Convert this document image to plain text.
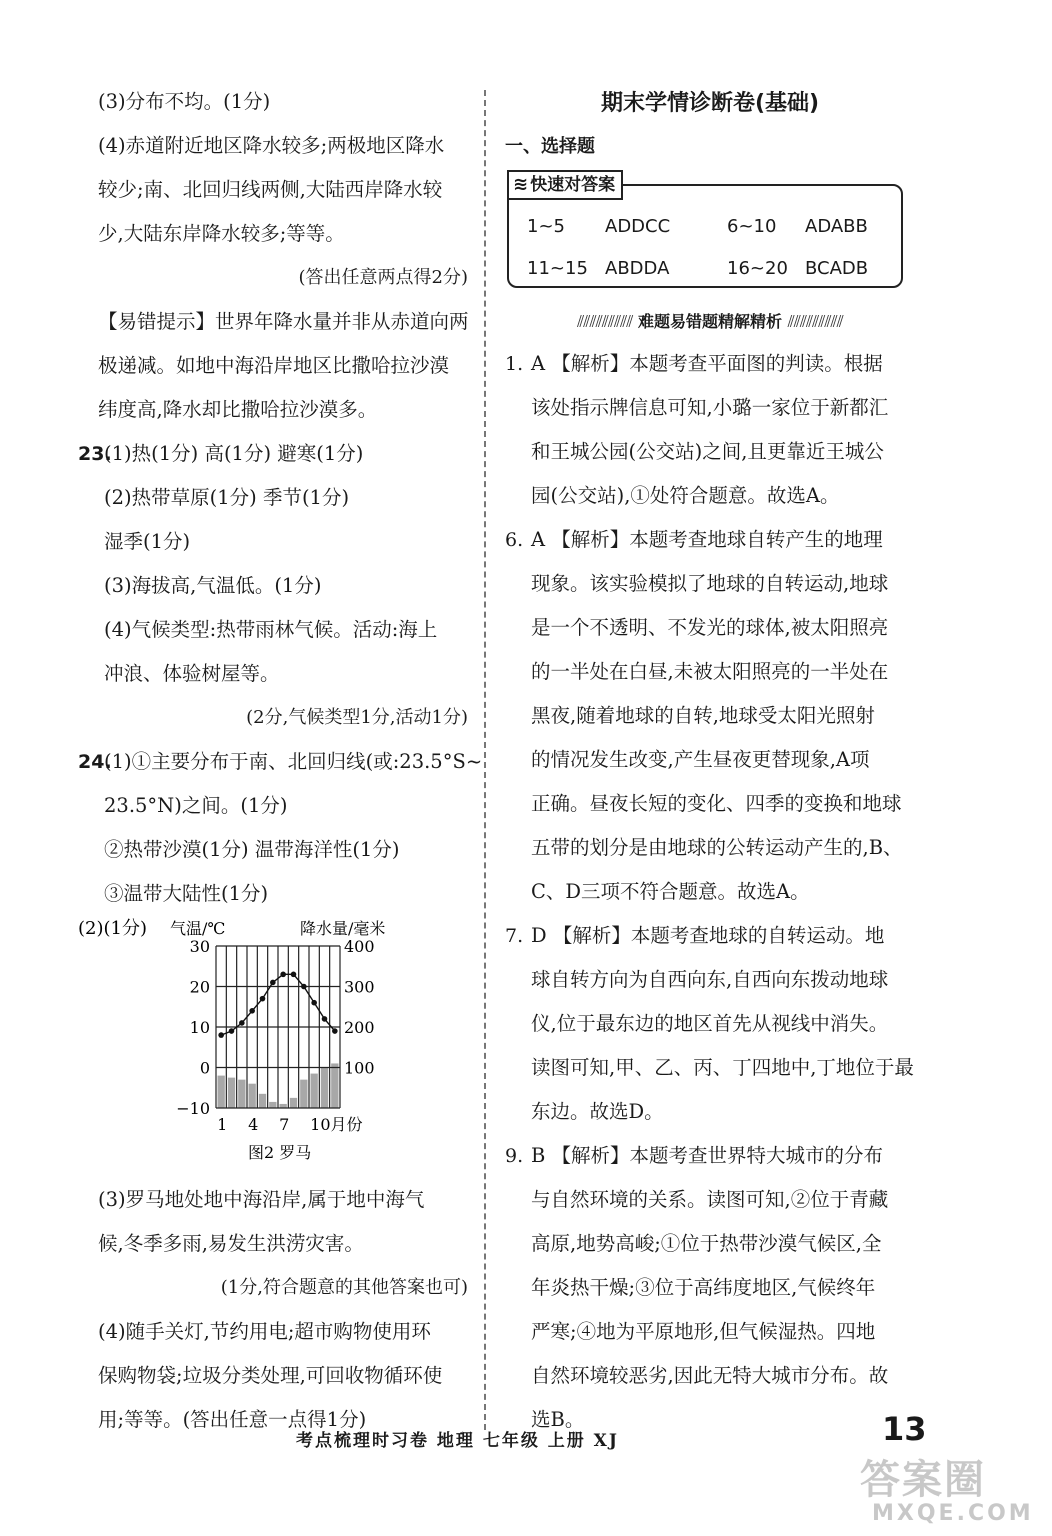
(3)分布不均。(1分)
(4)赤道附近地区降水较多;两极地区降水
较少;南、北回归线两侧,大陆西岸降水较
少,大陆东岸降水较多;等等。
(答出任意两点得2分)
【易错提示】世界年降水量并非从赤道向两
极递减。如地中海沿岸地区比撒哈拉沙漠
纬度高,降水却比撒哈拉沙漠多。
23.(1)热(1分) 高(1分) 避寒(1分)
(2)热带草原(1分) 季节(1分)
湿季(1分)
(3)海拔高,气温低。(1分)
(4)气候类型:热带雨林气候。活动:海上
冲浪、体验树屋等。
(2分,气候类型1分,活动1分)
24.(1)①主要分布于南、北回归线(或:23.5°S~
23.5°N)之间。(1分)
②热带沙漠(1分) 温带海洋性(1分)
③温带大陆性(1分)
(2)(1分) 气温/℃	降水量/毫米
30
20
10
0
−10
400
300
200
100
1 4 7 10月份
图2 罗马
(3)罗马地处地中海沿岸,属于地中海气
候,冬季多雨,易发生洪涝灾害。
(1分,符合题意的其他答案也可)
(4)随手关灯,节约用电;超市购物使用环
保购物袋;垃圾分类处理,可回收物循环使
用;等等。(答出任意一点得1分)
期末学情诊断卷(基础)
一、选择题
≋ 快速对答案
1~5 ADDCC	6~10 ADABB
11~15 ABDDA	16~20 BCADB
⫽⫽⫽⫽⫽⫽⫽⫽⫽ 难题易错题精解精析 ⫽⫽⫽⫽⫽⫽⫽⫽⫽
1. A 【解析】本题考查平面图的判读。根据
该处指示牌信息可知,小璐一家位于新都汇
和王城公园(公交站)之间,且更靠近王城公
园(公交站),①处符合题意。故选A。
6. A 【解析】本题考查地球自转产生的地理
现象。该实验模拟了地球的自转运动,地球
是一个不透明、不发光的球体,被太阳照亮
的一半处在白昼,未被太阳照亮的一半处在
黑夜,随着地球的自转,地球受太阳光照射
的情况发生改变,产生昼夜更替现象,A项
正确。昼夜长短的变化、四季的变换和地球
五带的划分是由地球的公转运动产生的,B、
C、D三项不符合题意。故选A。
7. D 【解析】本题考查地球的自转运动。地
球自转方向为自西向东,自西向东拨动地球
仪,位于最东边的地区首先从视线中消失。
读图可知,甲、乙、丙、丁四地中,丁地位于最
东边。故选D。
9. B 【解析】本题考查世界特大城市的分布
与自然环境的关系。读图可知,②位于青藏
高原,地势高峻;①位于热带沙漠气候区,全
年炎热干燥;③位于高纬度地区,气候终年
严寒;④地为平原地形,但气候湿热。四地
自然环境较恶劣,因此无特大城市分布。故
选B。
考点梳理时习卷 地理 七年级 上册 XJ	13
答案圈
MXQE.COM
